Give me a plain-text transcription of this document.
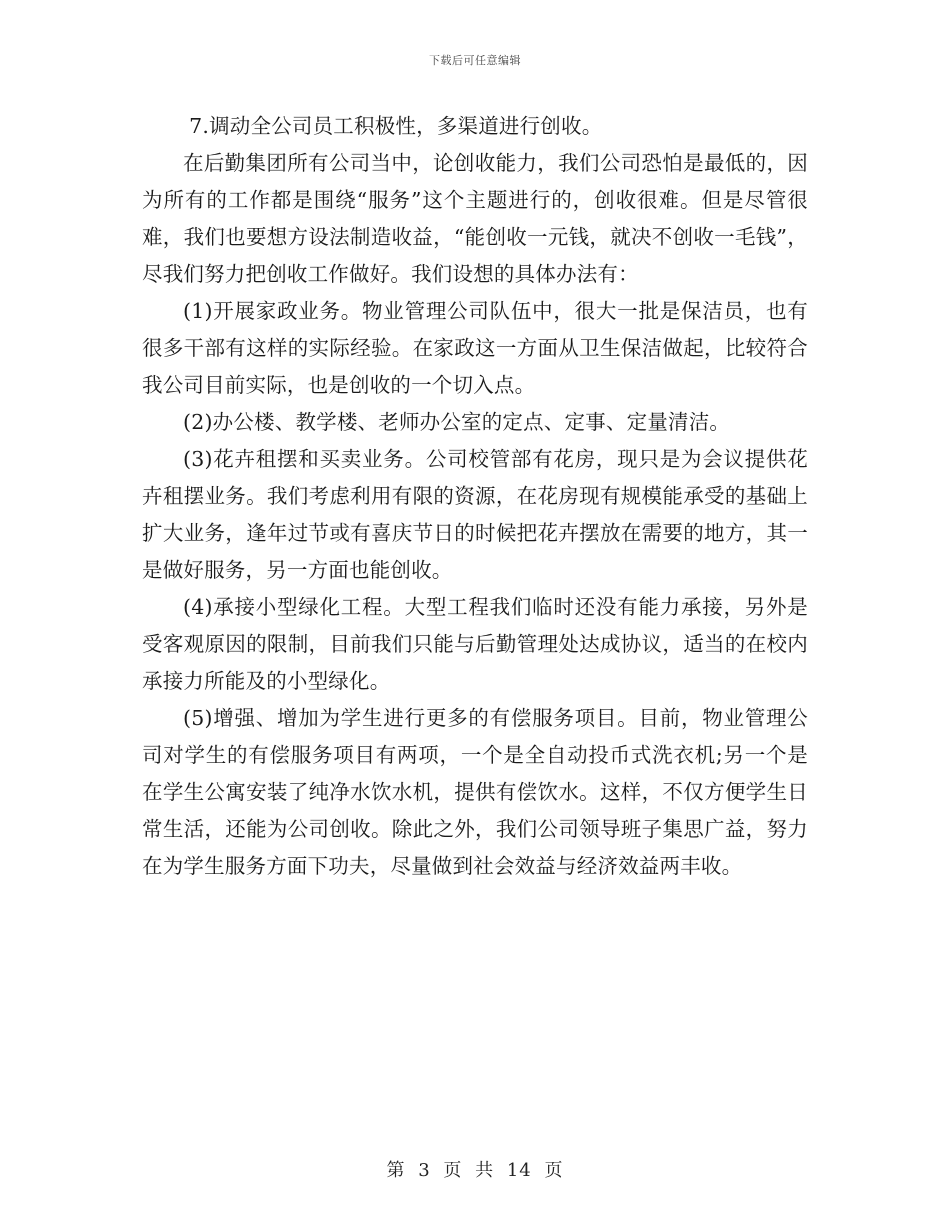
下载后可任意编辑

7.调动全公司员工积极性，多渠道进行创收。

在后勤集团所有公司当中，论创收能力，我们公司恐怕是最低的，因为所有的工作都是围绕“服务”这个主题进行的，创收很难。但是尽管很难，我们也要想方设法制造收益，“能创收一元钱，就决不创收一毛钱”，尽我们努力把创收工作做好。我们设想的具体办法有：

(1)开展家政业务。物业管理公司队伍中，很大一批是保洁员，也有很多干部有这样的实际经验。在家政这一方面从卫生保洁做起，比较符合我公司目前实际，也是创收的一个切入点。

(2)办公楼、教学楼、老师办公室的定点、定事、定量清洁。

(3)花卉租摆和买卖业务。公司校管部有花房，现只是为会议提供花卉租摆业务。我们考虑利用有限的资源，在花房现有规模能承受的基础上扩大业务，逢年过节或有喜庆节日的时候把花卉摆放在需要的地方，其一是做好服务，另一方面也能创收。

(4)承接小型绿化工程。大型工程我们临时还没有能力承接，另外是受客观原因的限制，目前我们只能与后勤管理处达成协议，适当的在校内承接力所能及的小型绿化。

(5)增强、增加为学生进行更多的有偿服务项目。目前，物业管理公司对学生的有偿服务项目有两项，一个是全自动投币式洗衣机;另一个是在学生公寓安装了纯净水饮水机，提供有偿饮水。这样，不仅方便学生日常生活，还能为公司创收。除此之外，我们公司领导班子集思广益，努力在为学生服务方面下功夫，尽量做到社会效益与经济效益两丰收。

第 3 页 共 14 页
